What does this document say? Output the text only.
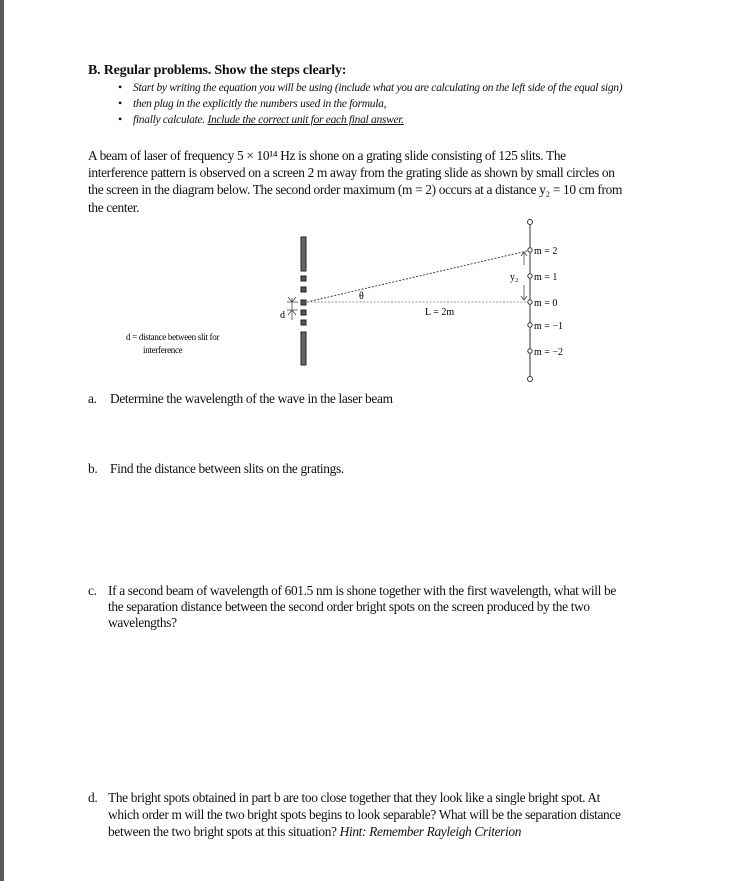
B. Regular problems. Show the steps clearly:
• Start by writing the equation you will be using (include what you are calculating on the left side of the equal sign)
• then plug in the explicitly the numbers used in the formula,
• finally calculate. Include the correct unit for each final answer.
A beam of laser of frequency 5 × 10¹⁴ Hz is shone on a grating slide consisting of 125 slits. The
interference pattern is observed on a screen 2 m away from the grating slide as shown by small circles on
the screen in the diagram below. The second order maximum (m = 2) occurs at a distance y₂ = 10 cm from
the center.
d
θ
L = 2m
y₂
m = 2
m = 1
m = 0
m = −1
m = −2
d = distance between slit for
interference
a. Determine the wavelength of the wave in the laser beam
b. Find the distance between slits on the gratings.
c. If a second beam of wavelength of 601.5 nm is shone together with the first wavelength, what will be
the separation distance between the second order bright spots on the screen produced by the two
wavelengths?
d. The bright spots obtained in part b are too close together that they look like a single bright spot. At
which order m will the two bright spots begins to look separable? What will be the separation distance
between the two bright spots at this situation? Hint: Remember Rayleigh Criterion
